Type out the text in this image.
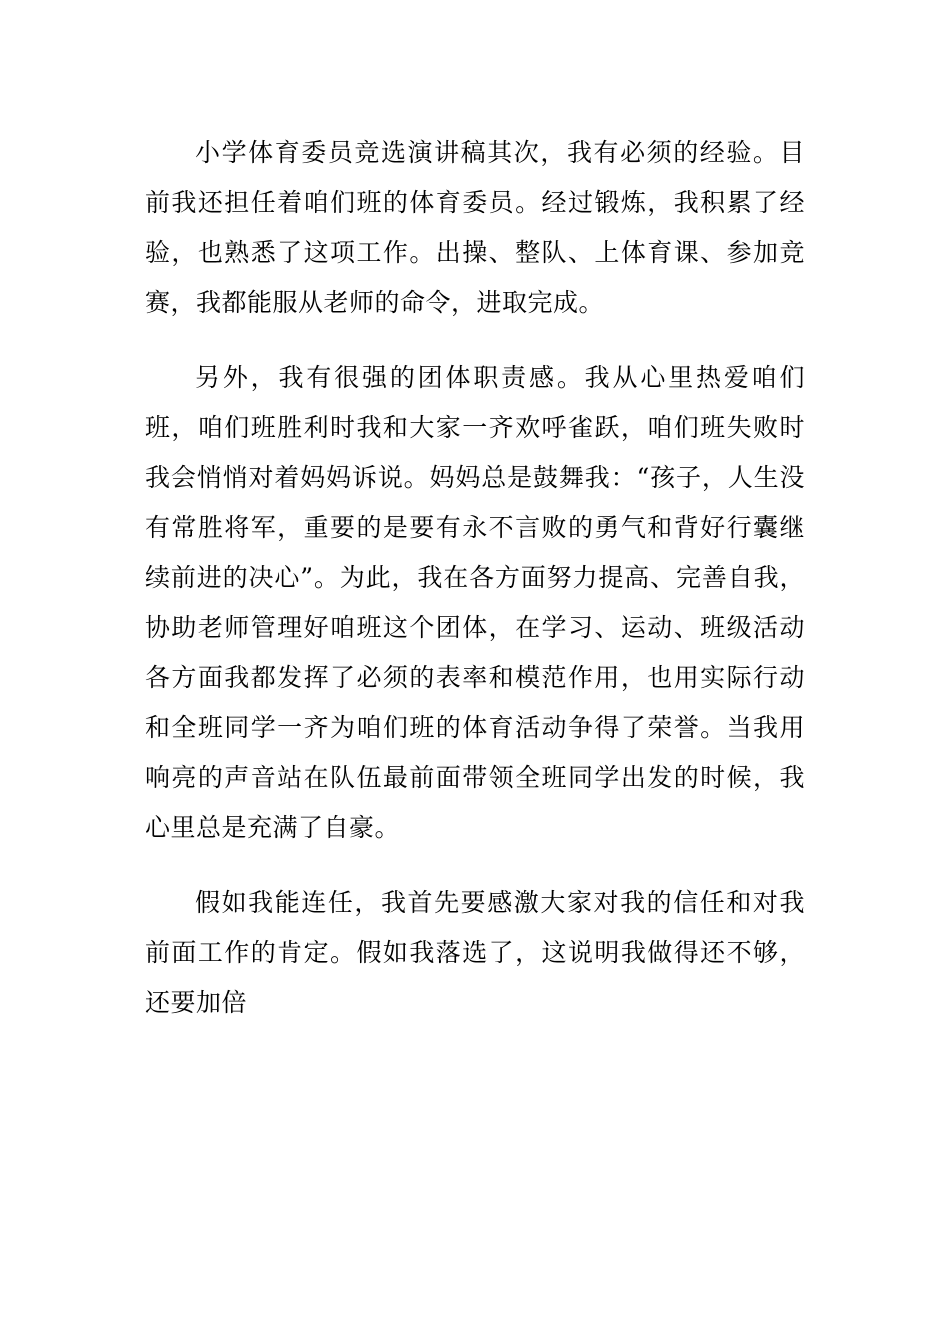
小学体育委员竞选演讲稿其次，我有必须的经验。目前我还担任着咱们班的体育委员。经过锻炼，我积累了经验，也熟悉了这项工作。出操、整队、上体育课、参加竞赛，我都能服从老师的命令，进取完成。

另外，我有很强的团体职责感。我从心里热爱咱们班，咱们班胜利时我和大家一齐欢呼雀跃，咱们班失败时我会悄悄对着妈妈诉说。妈妈总是鼓舞我：“孩子，人生没有常胜将军，重要的是要有永不言败的勇气和背好行囊继续前进的决心”。为此，我在各方面努力提高、完善自我，协助老师管理好咱班这个团体，在学习、运动、班级活动各方面我都发挥了必须的表率和模范作用，也用实际行动和全班同学一齐为咱们班的体育活动争得了荣誉。当我用响亮的声音站在队伍最前面带领全班同学出发的时候，我心里总是充满了自豪。

假如我能连任，我首先要感激大家对我的信任和对我前面工作的肯定。假如我落选了，这说明我做得还不够，还要加倍
